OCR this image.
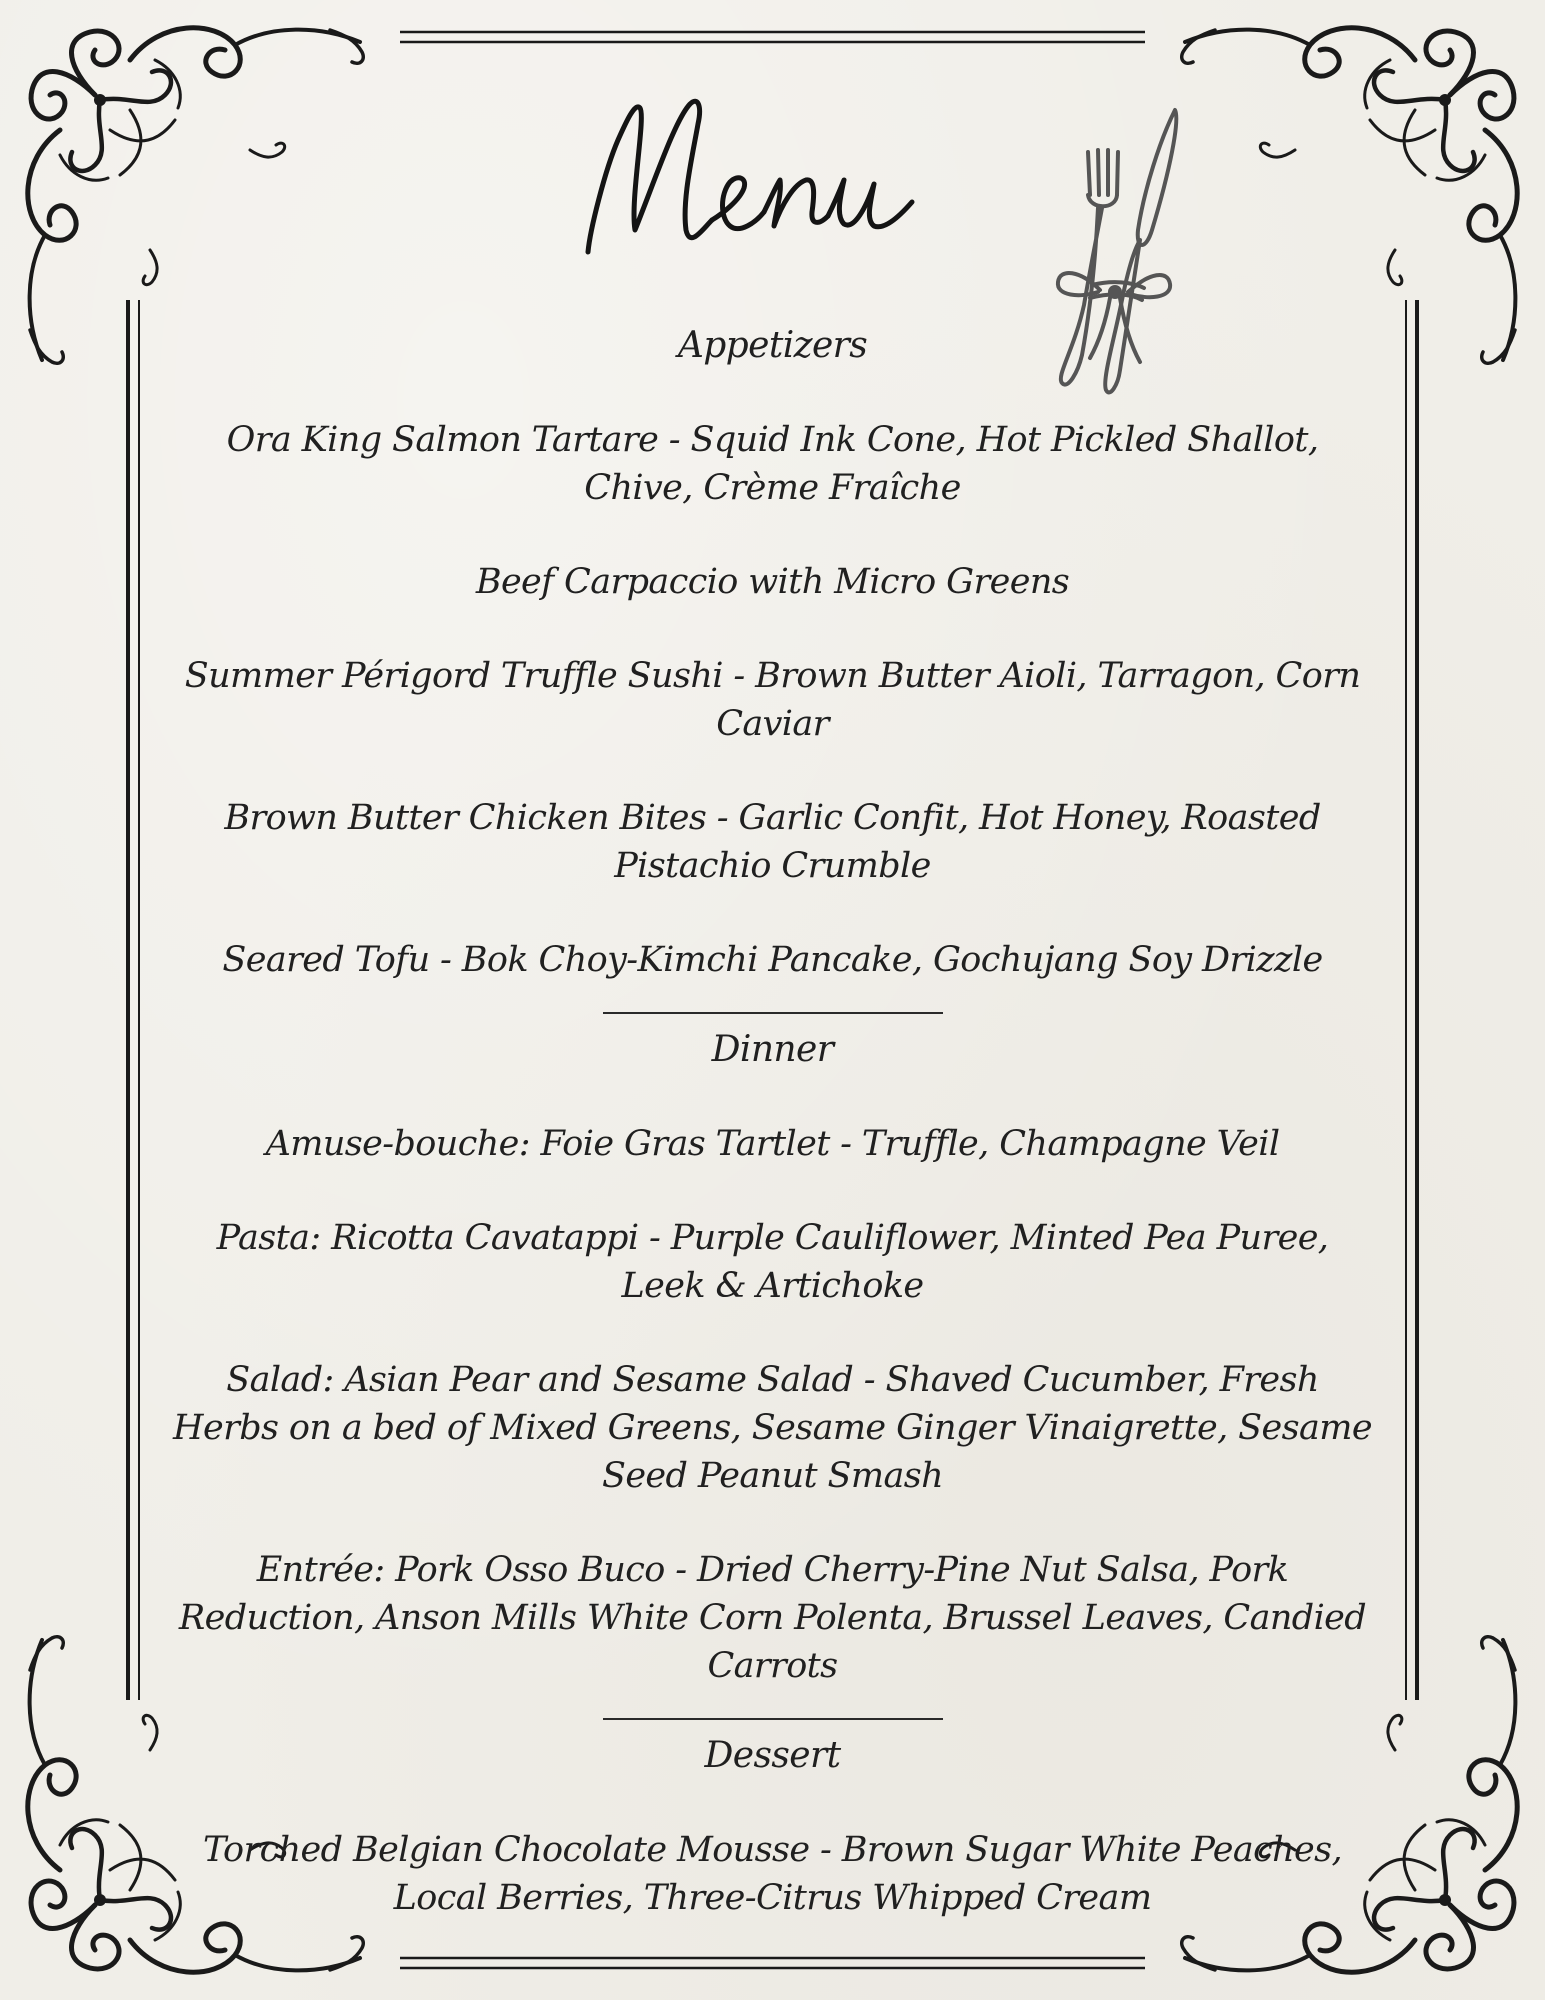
Appetizers

Ora King Salmon Tartare - Squid Ink Cone, Hot Pickled Shallot, Chive, Crème Fraîche

Beef Carpaccio with Micro Greens

Summer Périgord Truffle Sushi - Brown Butter Aioli, Tarragon, Corn Caviar

Brown Butter Chicken Bites - Garlic Confit, Hot Honey, Roasted Pistachio Crumble

Seared Tofu - Bok Choy-Kimchi Pancake, Gochujang Soy Drizzle

Dinner

Amuse-bouche: Foie Gras Tartlet - Truffle, Champagne Veil

Pasta: Ricotta Cavatappi - Purple Cauliflower, Minted Pea Puree, Leek & Artichoke

Salad: Asian Pear and Sesame Salad - Shaved Cucumber, Fresh Herbs on a bed of Mixed Greens, Sesame Ginger Vinaigrette, Sesame Seed Peanut Smash

Entrée: Pork Osso Buco - Dried Cherry-Pine Nut Salsa, Pork Reduction, Anson Mills White Corn Polenta, Brussel Leaves, Candied Carrots

Dessert

Torched Belgian Chocolate Mousse - Brown Sugar White Peaches, Local Berries, Three-Citrus Whipped Cream
